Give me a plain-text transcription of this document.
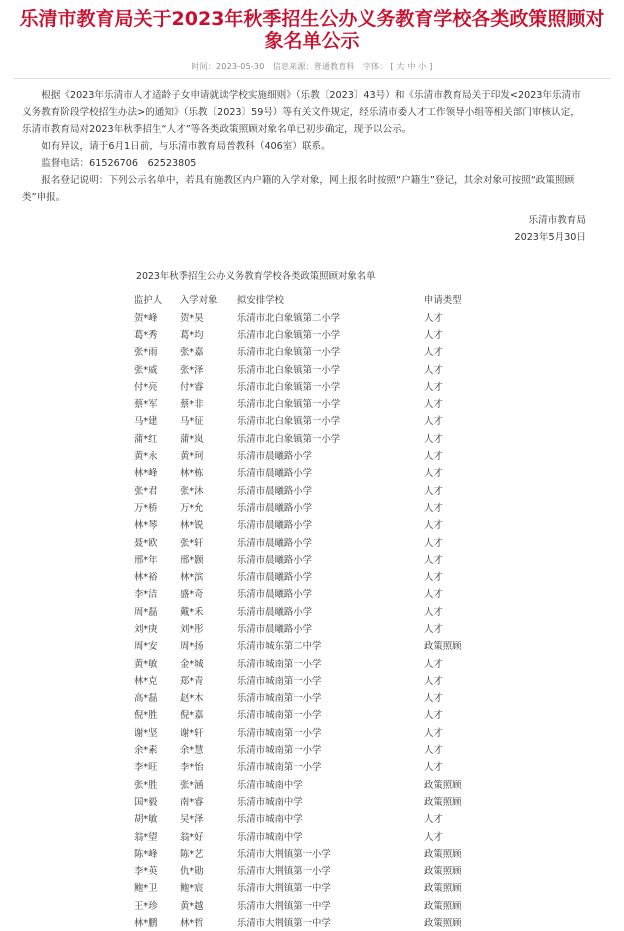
乐清市教育局关于2023年秋季招生公办义务教育学校各类政策照顾对象名单公示
时间：2023-05-30 信息来源：普通教育科 字体： [ 大 中 小 ]

根据《2023年乐清市人才适龄子女申请就读学校实施细则》（乐教〔2023〕43号）和《乐清市教育局关于印发<2023年乐清市义务教育阶段学校招生办法>的通知》（乐教〔2023〕59号）等有关文件规定，经乐清市委人才工作领导小组等相关部门审核认定，乐清市教育局对2023年秋季招生“人才”等各类政策照顾对象名单已初步确定，现予以公示。

如有异议，请于6月1日前，与乐清市教育局普教科（406室）联系。

监督电话：61526706　62523805

报名登记说明：下列公示名单中，若具有施教区内户籍的入学对象，网上报名时按照“户籍生”登记，其余对象可按照“政策照顾类”申报。

乐清市教育局
2023年5月30日
2023年秋季招生公办义务教育学校各类政策照顾对象名单
监护人	入学对象	拟安排学校	申请类型
贺*峰	贺*昊	乐清市北白象镇第二小学	人才
葛*秀	葛*均	乐清市北白象镇第一小学	人才
张*雨	张*嘉	乐清市北白象镇第一小学	人才
张*威	张*泽	乐清市北白象镇第一小学	人才
付*亮	付*睿	乐清市北白象镇第一小学	人才
蔡*军	蔡*非	乐清市北白象镇第一小学	人才
马*建	马*征	乐清市北白象镇第一小学	人才
蒲*红	蒲*岚	乐清市北白象镇第一小学	人才
黄*永	黄*珂	乐清市晨曦路小学	人才
林*峰	林*栋	乐清市晨曦路小学	人才
张*君	张*沐	乐清市晨曦路小学	人才
万*桥	万*允	乐清市晨曦路小学	人才
林*琴	林*锐	乐清市晨曦路小学	人才
聂*欧	张*轩	乐清市晨曦路小学	人才
邢*年	邢*颢	乐清市晨曦路小学	人才
林*裕	林*滨	乐清市晨曦路小学	人才
李*洁	盛*奇	乐清市晨曦路小学	人才
周*磊	戴*禾	乐清市晨曦路小学	人才
刘*庚	刘*彤	乐清市晨曦路小学	人才
周*安	周*扬	乐清市城东第二中学	政策照顾
黄*敏	金*城	乐清市城南第一小学	人才
林*克	郑*青	乐清市城南第一小学	人才
高*磊	赵*木	乐清市城南第一小学	人才
倪*胜	倪*嘉	乐清市城南第一小学	人才
谢*坚	谢*轩	乐清市城南第一小学	人才
余*素	余*慧	乐清市城南第一小学	人才
李*旺	李*怡	乐清市城南第一小学	人才
张*胜	张*涵	乐清市城南中学	政策照顾
国*毅	南*睿	乐清市城南中学	政策照顾
胡*敏	吴*泽	乐清市城南中学	人才
翁*望	翁*好	乐清市城南中学	人才
陈*峰	陈*艺	乐清市大荆镇第一小学	政策照顾
李*英	仇*勋	乐清市大荆镇第一小学	政策照顾
鲍*卫	鲍*宸	乐清市大荆镇第一中学	政策照顾
王*珍	黄*越	乐清市大荆镇第一中学	政策照顾
林*鹏	林*哲	乐清市大荆镇第一中学	政策照顾
